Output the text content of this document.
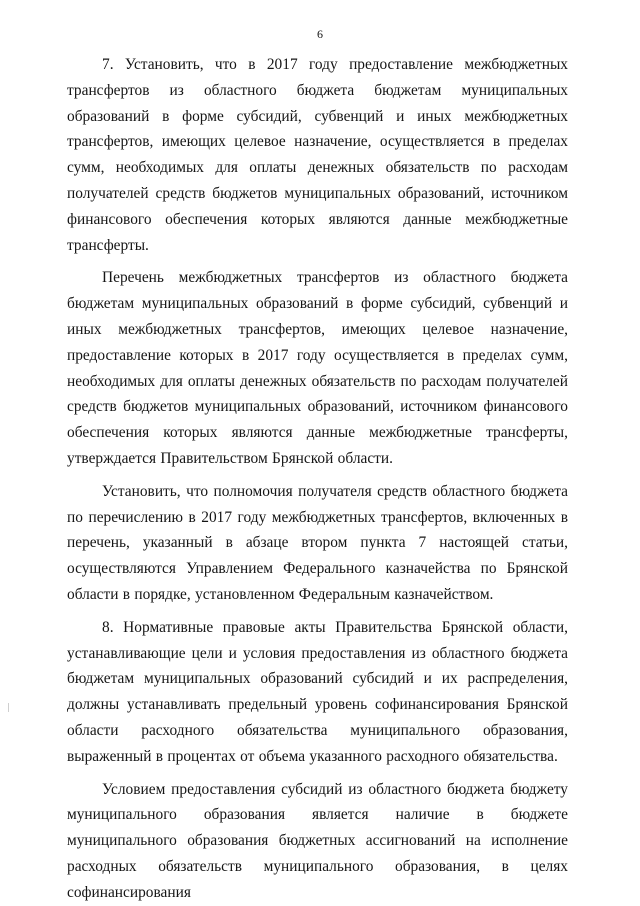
6

7. Установить, что в 2017 году предоставление межбюджетных трансфертов из областного бюджета бюджетам муниципальных образований в форме субсидий, субвенций и иных межбюджетных трансфертов, имеющих целевое назначение, осуществляется в пределах сумм, необходимых для оплаты денежных обязательств по расходам получателей средств бюджетов муниципальных образований, источником финансового обеспечения которых являются данные межбюджетные трансферты.

Перечень межбюджетных трансфертов из областного бюджета бюджетам муниципальных образований в форме субсидий, субвенций и иных межбюджетных трансфертов, имеющих целевое назначение, предоставление которых в 2017 году осуществляется в пределах сумм, необходимых для оплаты денежных обязательств по расходам получателей средств бюджетов муниципальных образований, источником финансового обеспечения которых являются данные межбюджетные трансферты, утверждается Правительством Брянской области.

Установить, что полномочия получателя средств областного бюджета по перечислению в 2017 году межбюджетных трансфертов, включенных в перечень, указанный в абзаце втором пункта 7 настоящей статьи, осуществляются Управлением Федерального казначейства по Брянской области в порядке, установленном Федеральным казначейством.

8. Нормативные правовые акты Правительства Брянской области, устанавливающие цели и условия предоставления из областного бюджета бюджетам муниципальных образований субсидий и их распределения, должны устанавливать предельный уровень софинансирования Брянской области расходного обязательства муниципального образования, выраженный в процентах от объема указанного расходного обязательства.

Условием предоставления субсидий из областного бюджета бюджету муниципального образования является наличие в бюджете муниципального образования бюджетных ассигнований на исполнение расходных обязательств муниципального образования, в целях софинансирования
